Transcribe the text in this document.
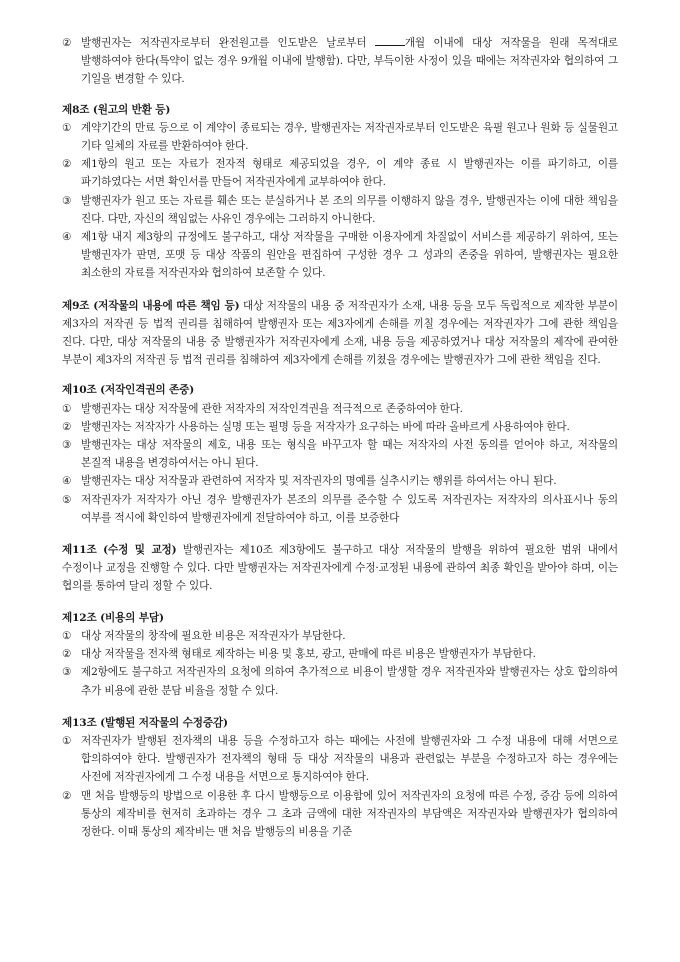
② 발행권자는 저작권자로부터 완전원고를 인도받은 날로부터	개월 이내에 대상 저작물을 원래 목적대로 발행하여야 한다(특약이 없는 경우 9개월 이내에 발행함). 다만, 부득이한 사정이 있을 때에는 저작권자와 협의하여 그 기일을 변경할 수 있다.
제8조 (원고의 반환 등)
① 계약기간의 만료 등으로 이 계약이 종료되는 경우, 발행권자는 저작권자로부터 인도받은 육필 원고나 원화 등 실물원고 기타 일체의 자료를 반환하여야 한다.
② 제1항의 원고 또는 자료가 전자적 형태로 제공되었을 경우, 이 계약 종료 시 발행권자는 이를 파기하고, 이를 파기하였다는 서면 확인서를 만들어 저작권자에게 교부하여야 한다.
③ 발행권자가 원고 또는 자료를 훼손 또는 분실하거나 본 조의 의무를 이행하지 않을 경우, 발행권자는 이에 대한 책임을 진다. 다만, 자신의 책임없는 사유인 경우에는 그러하지 아니한다.
④ 제1항 내지 제3항의 규정에도 불구하고, 대상 저작물을 구매한 이용자에게 차질없이 서비스를 제공하기 위하여, 또는 발행권자가 판면, 포맷 등 대상 작품의 원안을 편집하여 구성한 경우 그 성과의 존중을 위하여, 발행권자는 필요한 최소한의 자료를 저작권자와 협의하여 보존할 수 있다.
제9조 (저작물의 내용에 따른 책임 등) 대상 저작물의 내용 중 저작권자가 소재, 내용 등을 모두 독립적으로 제작한 부분이 제3자의 저작권 등 법적 권리를 침해하여 발행권자 또는 제3자에게 손해를 끼칠 경우에는 저작권자가 그에 관한 책임을 진다. 다만, 대상 저작물의 내용 중 발행권자가 저작권자에게 소재, 내용 등을 제공하였거나 대상 저작물의 제작에 관여한 부분이 제3자의 저작권 등 법적 권리를 침해하여 제3자에게 손해를 끼쳤을 경우에는 발행권자가 그에 관한 책임을 진다.
제10조 (저작인격권의 존중)
① 발행권자는 대상 저작물에 관한 저작자의 저작인격권을 적극적으로 존중하여야 한다.
② 발행권자는 저작자가 사용하는 실명 또는 필명 등을 저작자가 요구하는 바에 따라 올바르게 사용하여야 한다.
③ 발행권자는 대상 저작물의 제호, 내용 또는 형식을 바꾸고자 할 때는 저작자의 사전 동의를 얻어야 하고, 저작물의 본질적 내용을 변경하여서는 아니 된다.
④ 발행권자는 대상 저작물과 관련하여 저작자 및 저작권자의 명예를 실추시키는 행위를 하여서는 아니 된다.
⑤ 저작권자가 저작자가 아닌 경우 발행권자가 본조의 의무를 준수할 수 있도록 저작권자는 저작자의 의사표시나 동의 여부를 적시에 확인하여 발행권자에게 전달하여야 하고, 이를 보증한다
제11조 (수정 및 교정) 발행권자는 제10조 제3항에도 불구하고 대상 저작물의 발행을 위하여 필요한 범위 내에서 수정이나 교정을 진행할 수 있다. 다만 발행권자는 저작권자에게 수정·교정된 내용에 관하여 최종 확인을 받아야 하며, 이는 협의를 통하여 달리 정할 수 있다.
제12조 (비용의 부담)
① 대상 저작물의 창작에 필요한 비용은 저작권자가 부담한다.
② 대상 저작물을 전자책 형태로 제작하는 비용 및 홍보, 광고, 판매에 따른 비용은 발행권자가 부담한다.
③ 제2항에도 불구하고 저작권자의 요청에 의하여 추가적으로 비용이 발생할 경우 저작권자와 발행권자는 상호 합의하여 추가 비용에 관한 분담 비율을 정할 수 있다.
제13조 (발행된 저작물의 수정증감)
① 저작권자가 발행된 전자책의 내용 등을 수정하고자 하는 때에는 사전에 발행권자와 그 수정 내용에 대해 서면으로 합의하여야 한다. 발행권자가 전자책의 형태 등 대상 저작물의 내용과 관련없는 부분을 수정하고자 하는 경우에는 사전에 저작권자에게 그 수정 내용을 서면으로 통지하여야 한다.
② 맨 처음 발행등의 방법으로 이용한 후 다시 발행등으로 이용함에 있어 저작권자의 요청에 따른 수정, 증감 등에 의하여 통상의 제작비를 현저히 초과하는 경우 그 초과 금액에 대한 저작권자의 부담액은 저작권자와 발행권자가 협의하여 정한다. 이때 통상의 제작비는 맨 처음 발행등의 비용을 기준
